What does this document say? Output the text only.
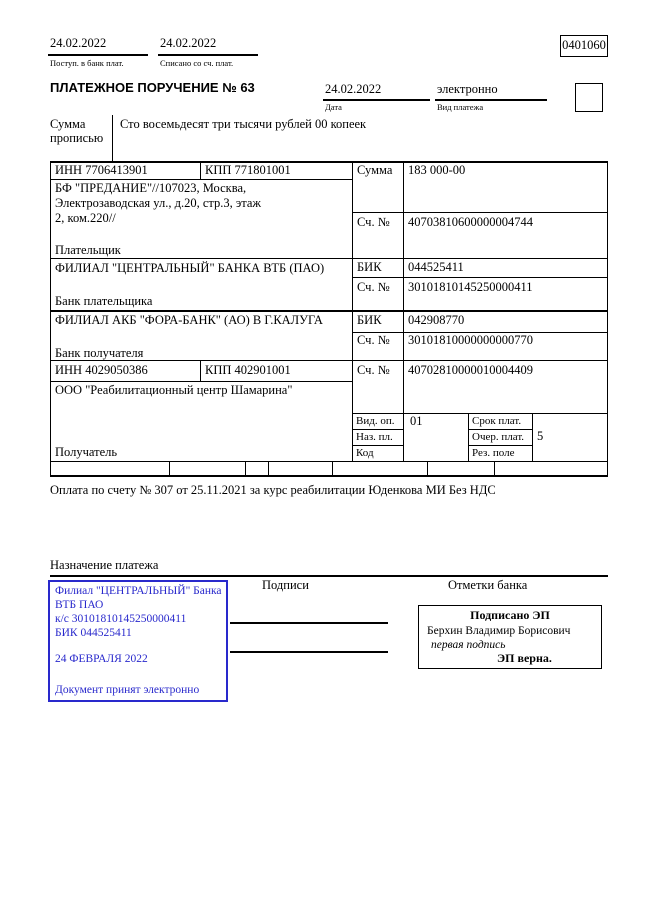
24.02.2022
Поступ. в банк плат.
24.02.2022
Списано со сч. плат.
0401060
ПЛАТЕЖНОЕ ПОРУЧЕНИЕ № 63	24.02.2022
Дата
электронно
Вид платежа
Сумма прописью
Сто восемьдесят три тысячи рублей 00 копеек
ИНН 7706413901	КПП 771801001	Сумма 183 000-00
БФ "ПРЕДАНИЕ"//107023, Москва,
Электрозаводская ул., д.20, стр.3, этаж
2, ком.220//	Сч. № 40703810600000004744
Плательщик
ФИЛИАЛ "ЦЕНТРАЛЬНЫЙ" БАНКА ВТБ (ПАО)	БИК 044525411
Сч. № 30101810145250000411
Банк плательщика
ФИЛИАЛ АКБ "ФОРА-БАНК" (АО) В Г.КАЛУГА	БИК 042908770
Сч. № 30101810000000000770
Банк получателя
ИНН 4029050386	КПП 402901001	Сч. № 40702810000010004409
ООО "Реабилитационный центр Шамарина"
Получатель
Вид. оп. 01	Срок плат.
Наз. пл.	Очер. плат. 5
Код	Рез. поле
Оплата по счету № 307 от 25.11.2021 за курс реабилитации Юденкова МИ Без НДС
Назначение платежа
Подписи	Отметки банка
Филиал "ЦЕНТРАЛЬНЫЙ" Банка
ВТБ ПАО
к/с 30101810145250000411
БИК 044525411
24 ФЕВРАЛЯ 2022
Документ принят электронно
Подписано ЭП
Берхин Владимир Борисович
первая подпись
ЭП верна.
